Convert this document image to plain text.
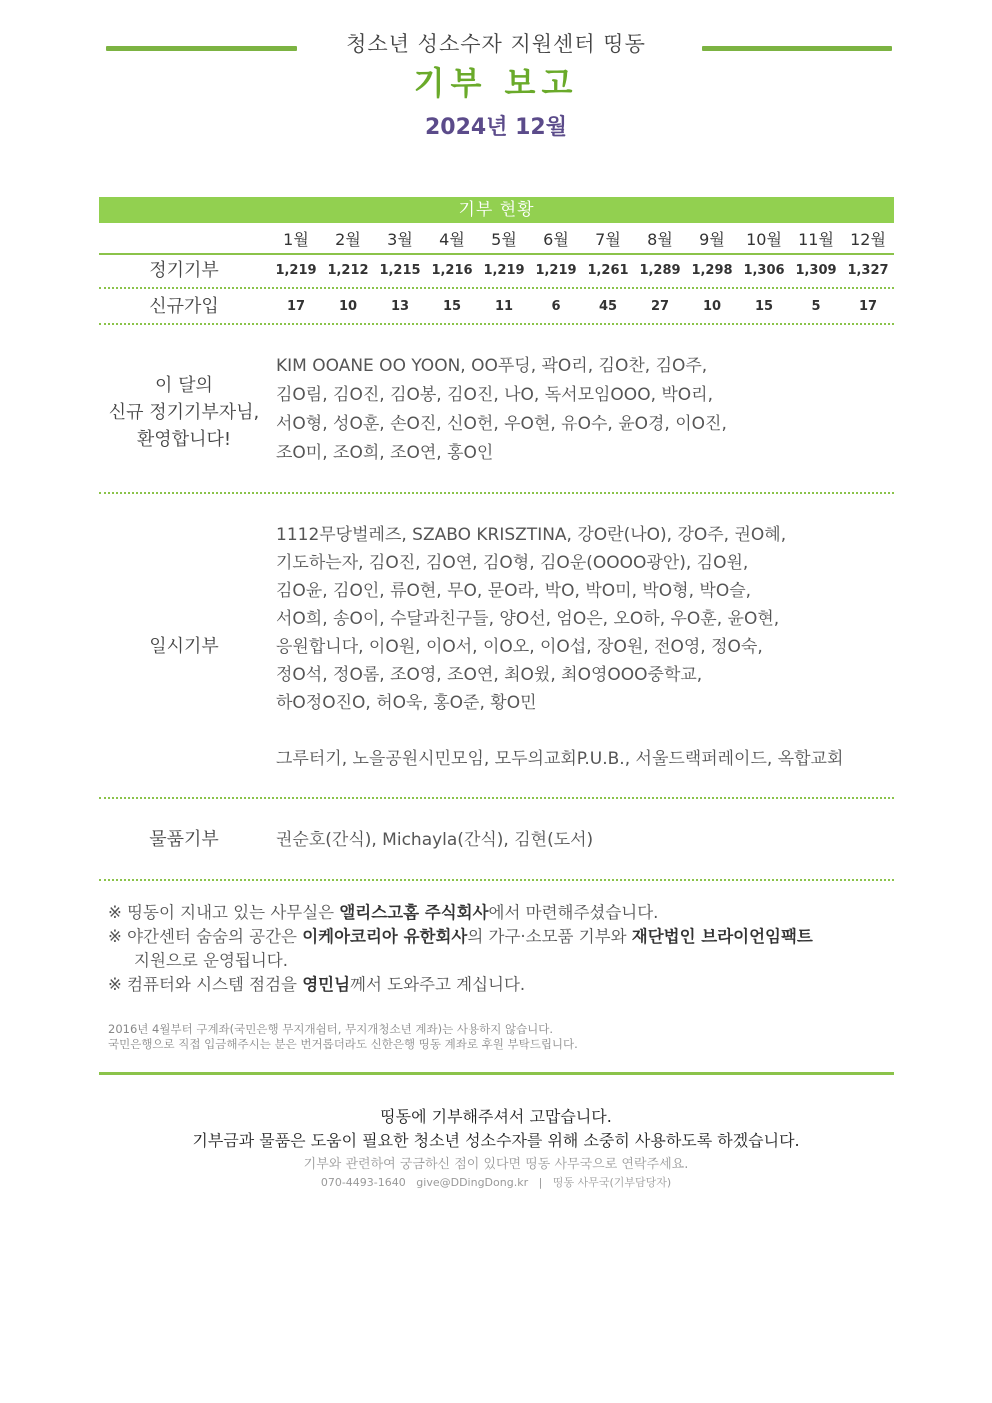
청소년 성소수자 지원센터 띵동
기부 보고
2024년 12월
기부 현황
1월	2월	3월	4월	5월	6월	7월	8월	9월	10월	11월	12월
정기기부	1,219 1,212 1,215 1,216 1,219 1,219 1,261 1,289 1,298 1,306 1,309 1,327
신규가입	17	10	13	15	11	6	45	27	10	15	5	17
이 달의
신규 정기기부자님,
환영합니다!
KIM OOANE OO YOON, OO푸딩, 곽O리, 김O찬, 김O주,
김O림, 김O진, 김O봉, 김O진, 나O, 독서모임OOO, 박O리,
서O형, 성O훈, 손O진, 신O헌, 우O현, 유O수, 윤O경, 이O진,
조O미, 조O희, 조O연, 홍O인
일시기부
1112무당벌레즈, SZABO KRISZTINA, 강O란(나O), 강O주, 권O혜,
기도하는자, 김O진, 김O연, 김O형, 김O운(OOOO광안), 김O원,
김O윤, 김O인, 류O현, 무O, 문O라, 박O, 박O미, 박O형, 박O슬,
서O희, 송O이, 수달과친구들, 양O선, 엄O은, 오O하, 우O훈, 윤O현,
응원합니다, 이O원, 이O서, 이O오, 이O섭, 장O원, 전O영, 정O숙,
정O석, 정O롬, 조O영, 조O연, 최O윘, 최O영OOO중학교,
하O정O진O, 허O욱, 홍O준, 황O민
그루터기, 노을공원시민모임, 모두의교회P.U.B., 서울드랙퍼레이드, 옥합교회
물품기부	권순호(간식), Michayla(간식), 김현(도서)
※ 띵동이 지내고 있는 사무실은 앨리스고홈 주식회사에서 마련해주셨습니다.
※ 야간센터 숨숨의 공간은 이케아코리아 유한회사의 가구·소모품 기부와 재단법인 브라이언임팩트
지원으로 운영됩니다.
※ 컴퓨터와 시스템 점검을 영민님께서 도와주고 계십니다.
2016년 4월부터 구계좌(국민은행 무지개쉼터, 무지개청소년 계좌)는 사용하지 않습니다.
국민은행으로 직접 입금해주시는 분은 번거롭더라도 신한은행 띵동 계좌로 후원 부탁드립니다.
띵동에 기부해주셔서 고맙습니다.
기부금과 물품은 도움이 필요한 청소년 성소수자를 위해 소중히 사용하도록 하겠습니다.
기부와 관련하여 궁금하신 점이 있다면 띵동 사무국으로 연락주세요.
070-4493-1640 give@DDingDong.kr | 띵동 사무국(기부담당자)
